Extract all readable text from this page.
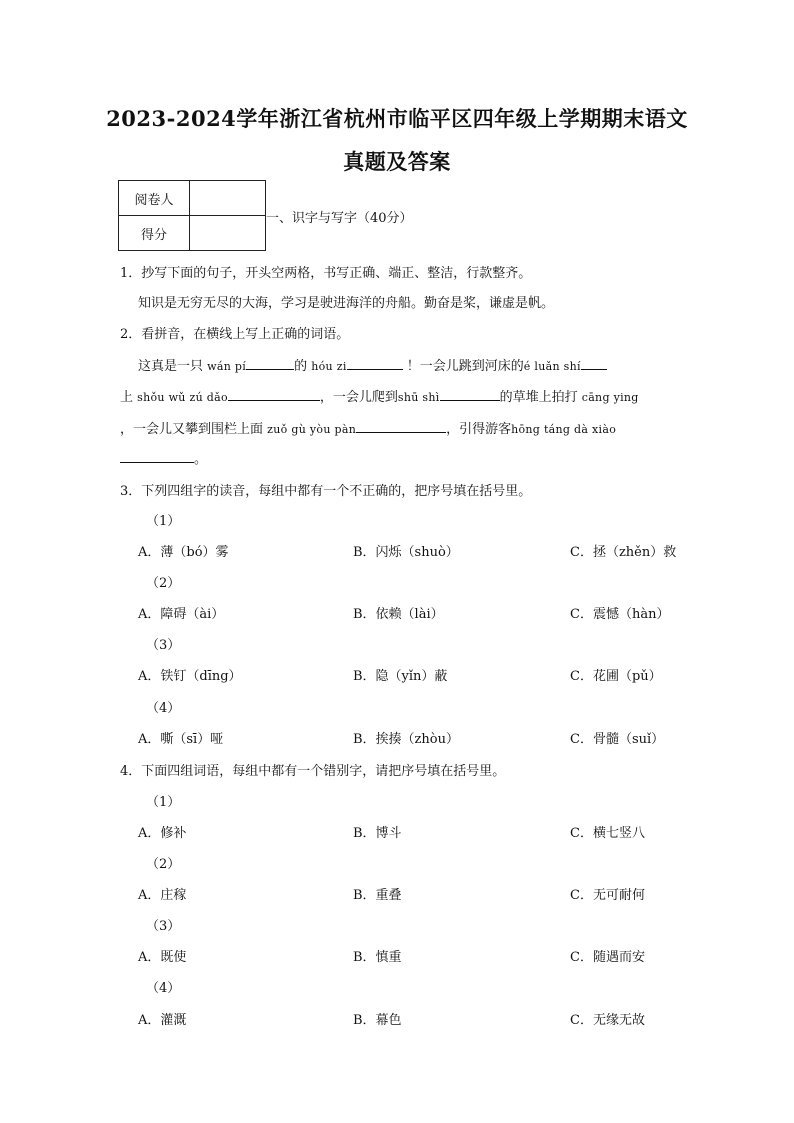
2023-2024学年浙江省杭州市临平区四年级上学期期末语文
真题及答案
阅卷人	
得分	
一、识字与写字（40分）
1．抄写下面的句子，开头空两格，书写正确、端正、整洁，行款整齐。
知识是无穷无尽的大海，学习是驶进海洋的舟船。勤奋是桨，谦虚是帆。
2．看拼音，在横线上写上正确的词语。
这真是一只 wán pí	的 hóu zi	！一会儿跳到河床的é luǎn shí
上 shǒu wǔ zú dǎo	，一会儿爬到shū shì	的草堆上拍打 cāng ying
，一会儿又攀到围栏上面 zuǒ gù yòu pàn	，引得游客hōng táng dà xiào
。
3．下列四组字的读音，每组中都有一个不正确的，把序号填在括号里。
（1）
A．薄（bó）雾	B．闪烁（shuò）	C．拯（zhěn）救
（2）
A．障碍（ài）	B．依赖（lài）	C．震憾（hàn）
（3）
A．铁钉（dīng）	B．隐（yǐn）蔽	C．花圃（pǔ）
（4）
A．嘶（sī）哑	B．挨揍（zhòu）	C．骨髓（suǐ）
4．下面四组词语，每组中都有一个错别字，请把序号填在括号里。
（1）
A．修补	B．博斗	C．横七竖八
（2）
A．庄稼	B．重叠	C．无可耐何
（3）
A．既使	B．慎重	C．随遇而安
（4）
A．灌溉	B．幕色	C．无缘无故
